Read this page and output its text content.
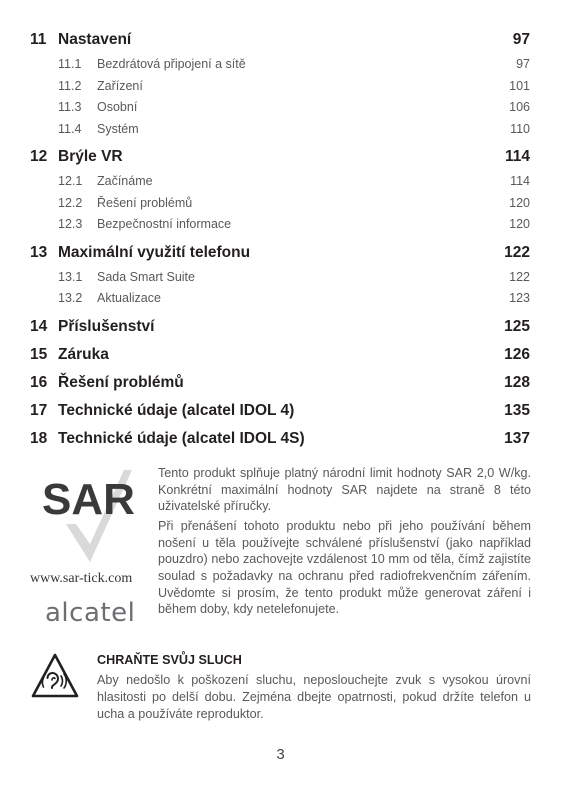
11 Nastavení	97
11.1	Bezdrátová připojení a sítě	97
11.2	Zařízení	101
11.3	Osobní	106
11.4	Systém	110
12 Brýle VR	114
12.1	Začínáme	114
12.2	Řešení problémů	120
12.3	Bezpečnostní informace	120
13 Maximální využití telefonu	122
13.1	Sada Smart Suite	122
13.2	Aktualizace	123
14 Příslušenství	125
15 Záruka	126
16 Řešení problémů	128
17 Technické údaje (alcatel IDOL 4)	135
18 Technické údaje (alcatel IDOL 4S)	137
SAR
www.sar-tick.com
alcatel

Tento produkt splňuje platný národní limit hodnoty SAR 2,0 W/kg. Konkrétní maximální hodnoty SAR najdete na straně 8 této uživatelské příručky.

Při přenášení tohoto produktu nebo při jeho používání během nošení u těla používejte schválené příslušenství (jako například pouzdro) nebo zachovejte vzdálenost 10 mm od těla, čímž zajistíte soulad s požadavky na ochranu před radiofrekvenčním zářením. Uvědomte si prosím, že tento produkt může generovat záření i během doby, kdy netelefonujete.

CHRAŇTE SVŮJ SLUCH
Aby nedošlo k poškození sluchu, neposlouchejte zvuk s vysokou úrovní hlasitosti po delší dobu. Zejména dbejte opatrnosti, pokud držíte telefon u ucha a používáte reproduktor.
3
